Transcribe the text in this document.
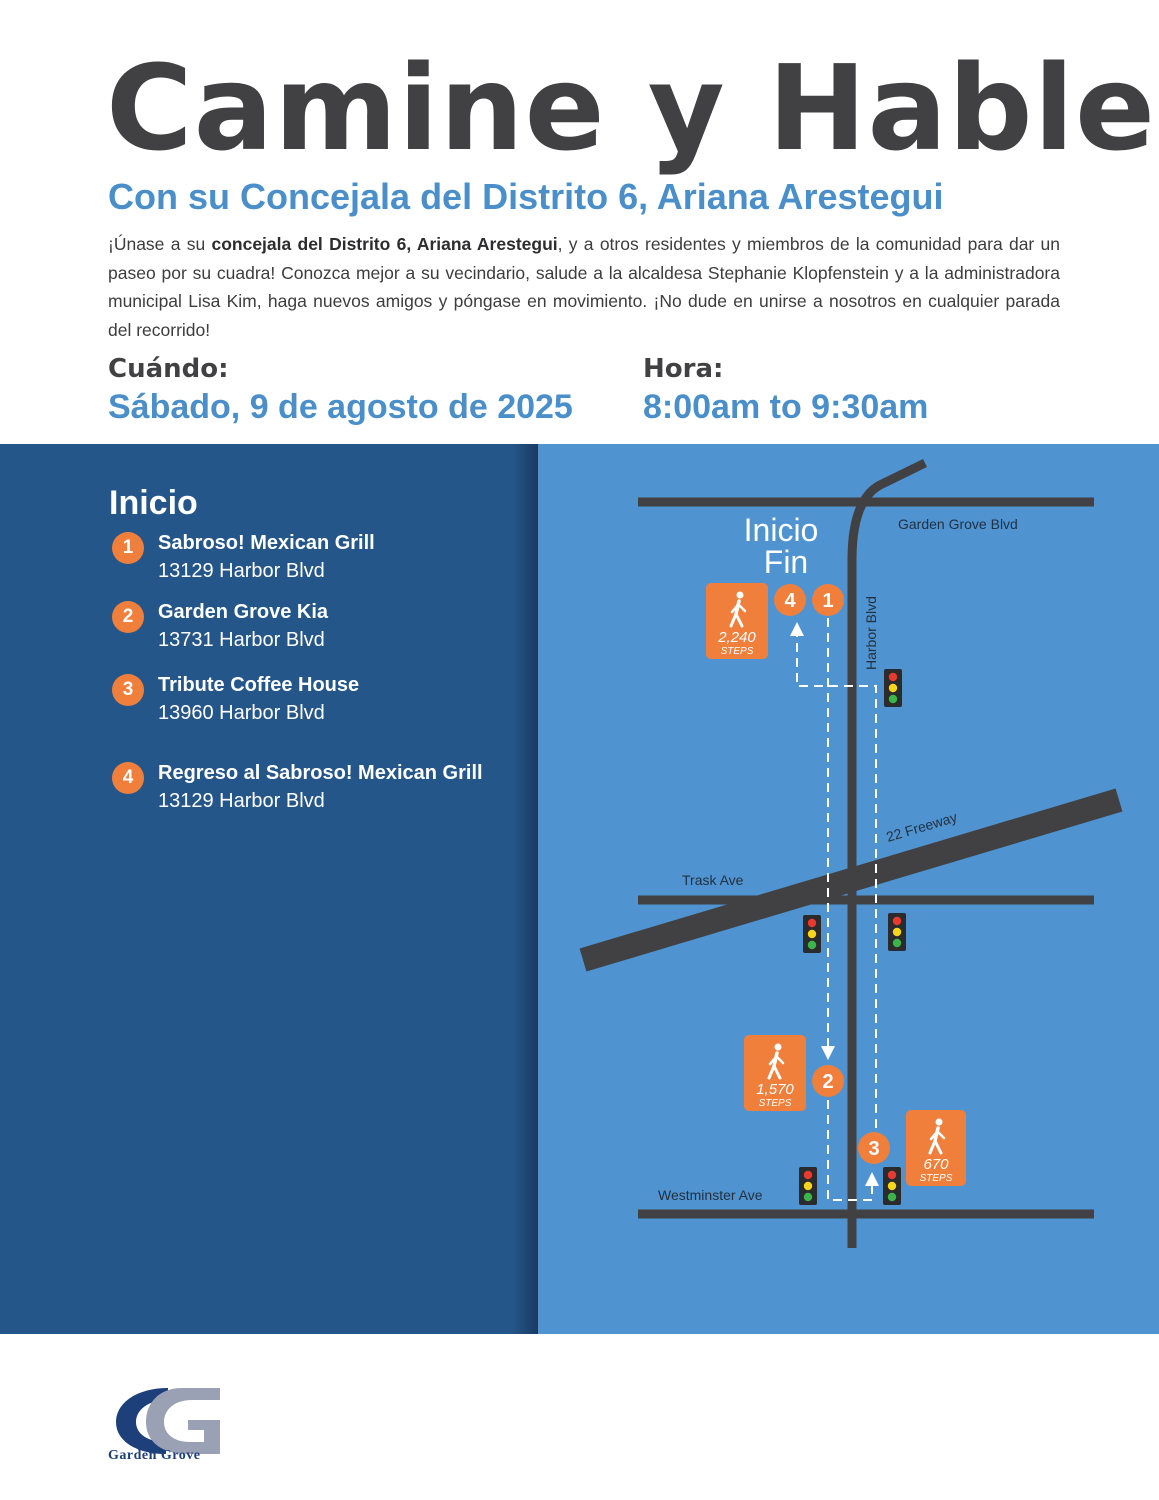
Camine y Hable
Con su Concejala del Distrito 6, Ariana Arestegui

¡Únase a su concejala del Distrito 6, Ariana Arestegui, y a otros residentes y miembros de la comunidad para dar un paseo por su cuadra! Conozca mejor a su vecindario, salude a la alcaldesa Stephanie Klopfenstein y a la administradora municipal Lisa Kim, haga nuevos amigos y póngase en movimiento. ¡No dude en unirse a nosotros en cualquier parada del recorrido!

Cuándo:

Sábado, 9 de agosto de 2025

Hora:

8:00am to 9:30am

Inicio
1	Sabroso! Mexican Grill
13129 Harbor Blvd
2	Garden Grove Kia
13731 Harbor Blvd
3	Tribute Coffee House
13960 Harbor Blvd
4	Regreso al Sabroso! Mexican Grill
13129 Harbor Blvd
Garden Grove Blvd
Harbor Blvd
22 Freeway
Trask Ave
Westminster Ave
Inicio
Fin
1
4
2
3
2,240
STEPS
1,570
STEPS
670
STEPS

Garden Grove
